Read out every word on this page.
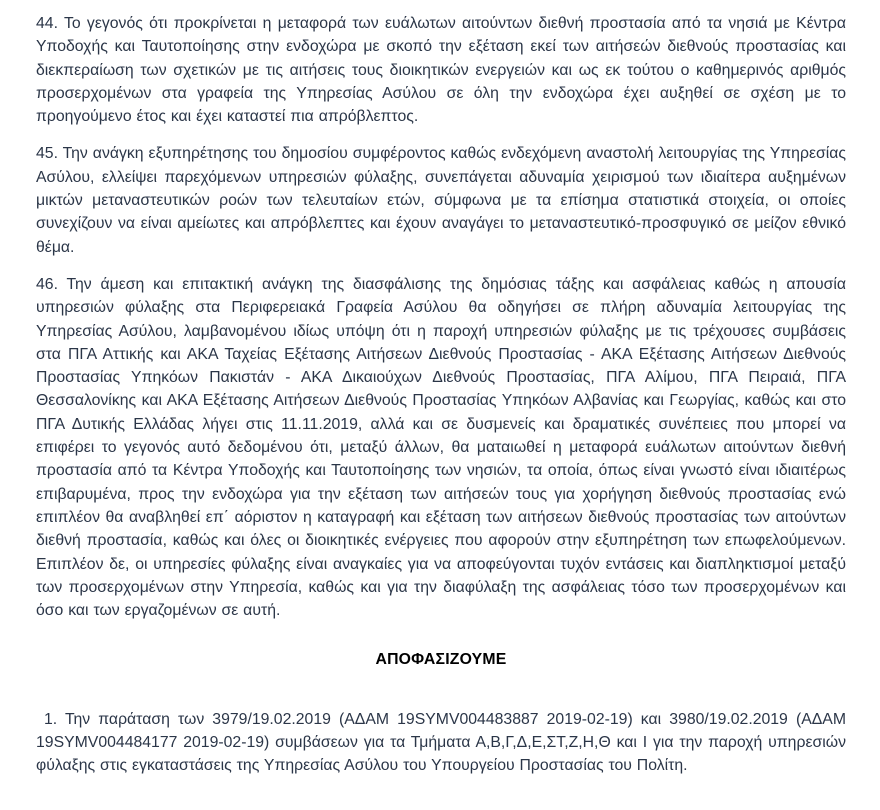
44. Το γεγονός ότι προκρίνεται η μεταφορά των ευάλωτων αιτούντων διεθνή προστασία από τα νησιά με Κέντρα Υποδοχής και Ταυτοποίησης στην ενδοχώρα με σκοπό την εξέταση εκεί των αιτήσεών διεθνούς προστασίας και διεκπεραίωση των σχετικών με τις αιτήσεις τους διοικητικών ενεργειών και ως εκ τούτου ο καθημερινός αριθμός προσερχομένων στα γραφεία της Υπηρεσίας Ασύλου σε όλη την ενδοχώρα έχει αυξηθεί σε σχέση με το προηγούμενο έτος και έχει καταστεί πια απρόβλεπτος.

45. Την ανάγκη εξυπηρέτησης του δημοσίου συμφέροντος καθώς ενδεχόμενη αναστολή λειτουργίας της Υπηρεσίας Ασύλου, ελλείψει παρεχόμενων υπηρεσιών φύλαξης, συνεπάγεται αδυναμία χειρισμού των ιδιαίτερα αυξημένων μικτών μεταναστευτικών ροών των τελευταίων ετών, σύμφωνα με τα επίσημα στατιστικά στοιχεία, οι οποίες συνεχίζουν να είναι αμείωτες και απρόβλεπτες και έχουν αναγάγει το μεταναστευτικό-προσφυγικό σε μείζον εθνικό θέμα.

46. Την άμεση και επιτακτική ανάγκη της διασφάλισης της δημόσιας τάξης και ασφάλειας καθώς η απουσία υπηρεσιών φύλαξης στα Περιφερειακά Γραφεία Ασύλου θα οδηγήσει σε πλήρη αδυναμία λειτουργίας της Υπηρεσίας Ασύλου, λαμβανομένου ιδίως υπόψη ότι η παροχή υπηρεσιών φύλαξης με τις τρέχουσες συμβάσεις στα ΠΓΑ Αττικής και ΑΚΑ Ταχείας Εξέτασης Αιτήσεων Διεθνούς Προστασίας - ΑΚΑ Εξέτασης Αιτήσεων Διεθνούς Προστασίας Υπηκόων Πακιστάν - ΑΚΑ Δικαιούχων Διεθνούς Προστασίας, ΠΓΑ Αλίμου, ΠΓΑ Πειραιά, ΠΓΑ Θεσσαλονίκης και ΑΚΑ Εξέτασης Αιτήσεων Διεθνούς Προστασίας Υπηκόων Αλβανίας και Γεωργίας, καθώς και στο ΠΓΑ Δυτικής Ελλάδας λήγει στις 11.11.2019, αλλά και σε δυσμενείς και δραματικές συνέπειες που μπορεί να επιφέρει το γεγονός αυτό δεδομένου ότι, μεταξύ άλλων, θα ματαιωθεί η μεταφορά ευάλωτων αιτούντων διεθνή προστασία από τα Κέντρα Υποδοχής και Ταυτοποίησης των νησιών, τα οποία, όπως είναι γνωστό είναι ιδιαιτέρως επιβαρυμένα, προς την ενδοχώρα για την εξέταση των αιτήσεών τους για χορήγηση διεθνούς προστασίας ενώ επιπλέον θα αναβληθεί επ΄ αόριστον η καταγραφή και εξέταση των αιτήσεων διεθνούς προστασίας των αιτούντων διεθνή προστασία, καθώς και όλες οι διοικητικές ενέργειες που αφορούν στην εξυπηρέτηση των επωφελούμενων. Επιπλέον δε, οι υπηρεσίες φύλαξης είναι αναγκαίες για να αποφεύγονται τυχόν εντάσεις και διαπληκτισμοί μεταξύ των προσερχομένων στην Υπηρεσία, καθώς και για την διαφύλαξη της ασφάλειας τόσο των προσερχομένων και όσο και των εργαζομένων σε αυτή.

ΑΠΟΦΑΣΙΖΟΥΜΕ

1. Την παράταση των 3979/19.02.2019 (ΑΔΑΜ 19SYMV004483887 2019-02-19) και 3980/19.02.2019 (ΑΔΑΜ 19SYMV004484177 2019-02-19) συμβάσεων για τα Τμήματα Α,Β,Γ,Δ,Ε,ΣΤ,Ζ,Η,Θ και Ι για την παροχή υπηρεσιών φύλαξης στις εγκαταστάσεις της Υπηρεσίας Ασύλου του Υπουργείου Προστασίας του Πολίτη.
